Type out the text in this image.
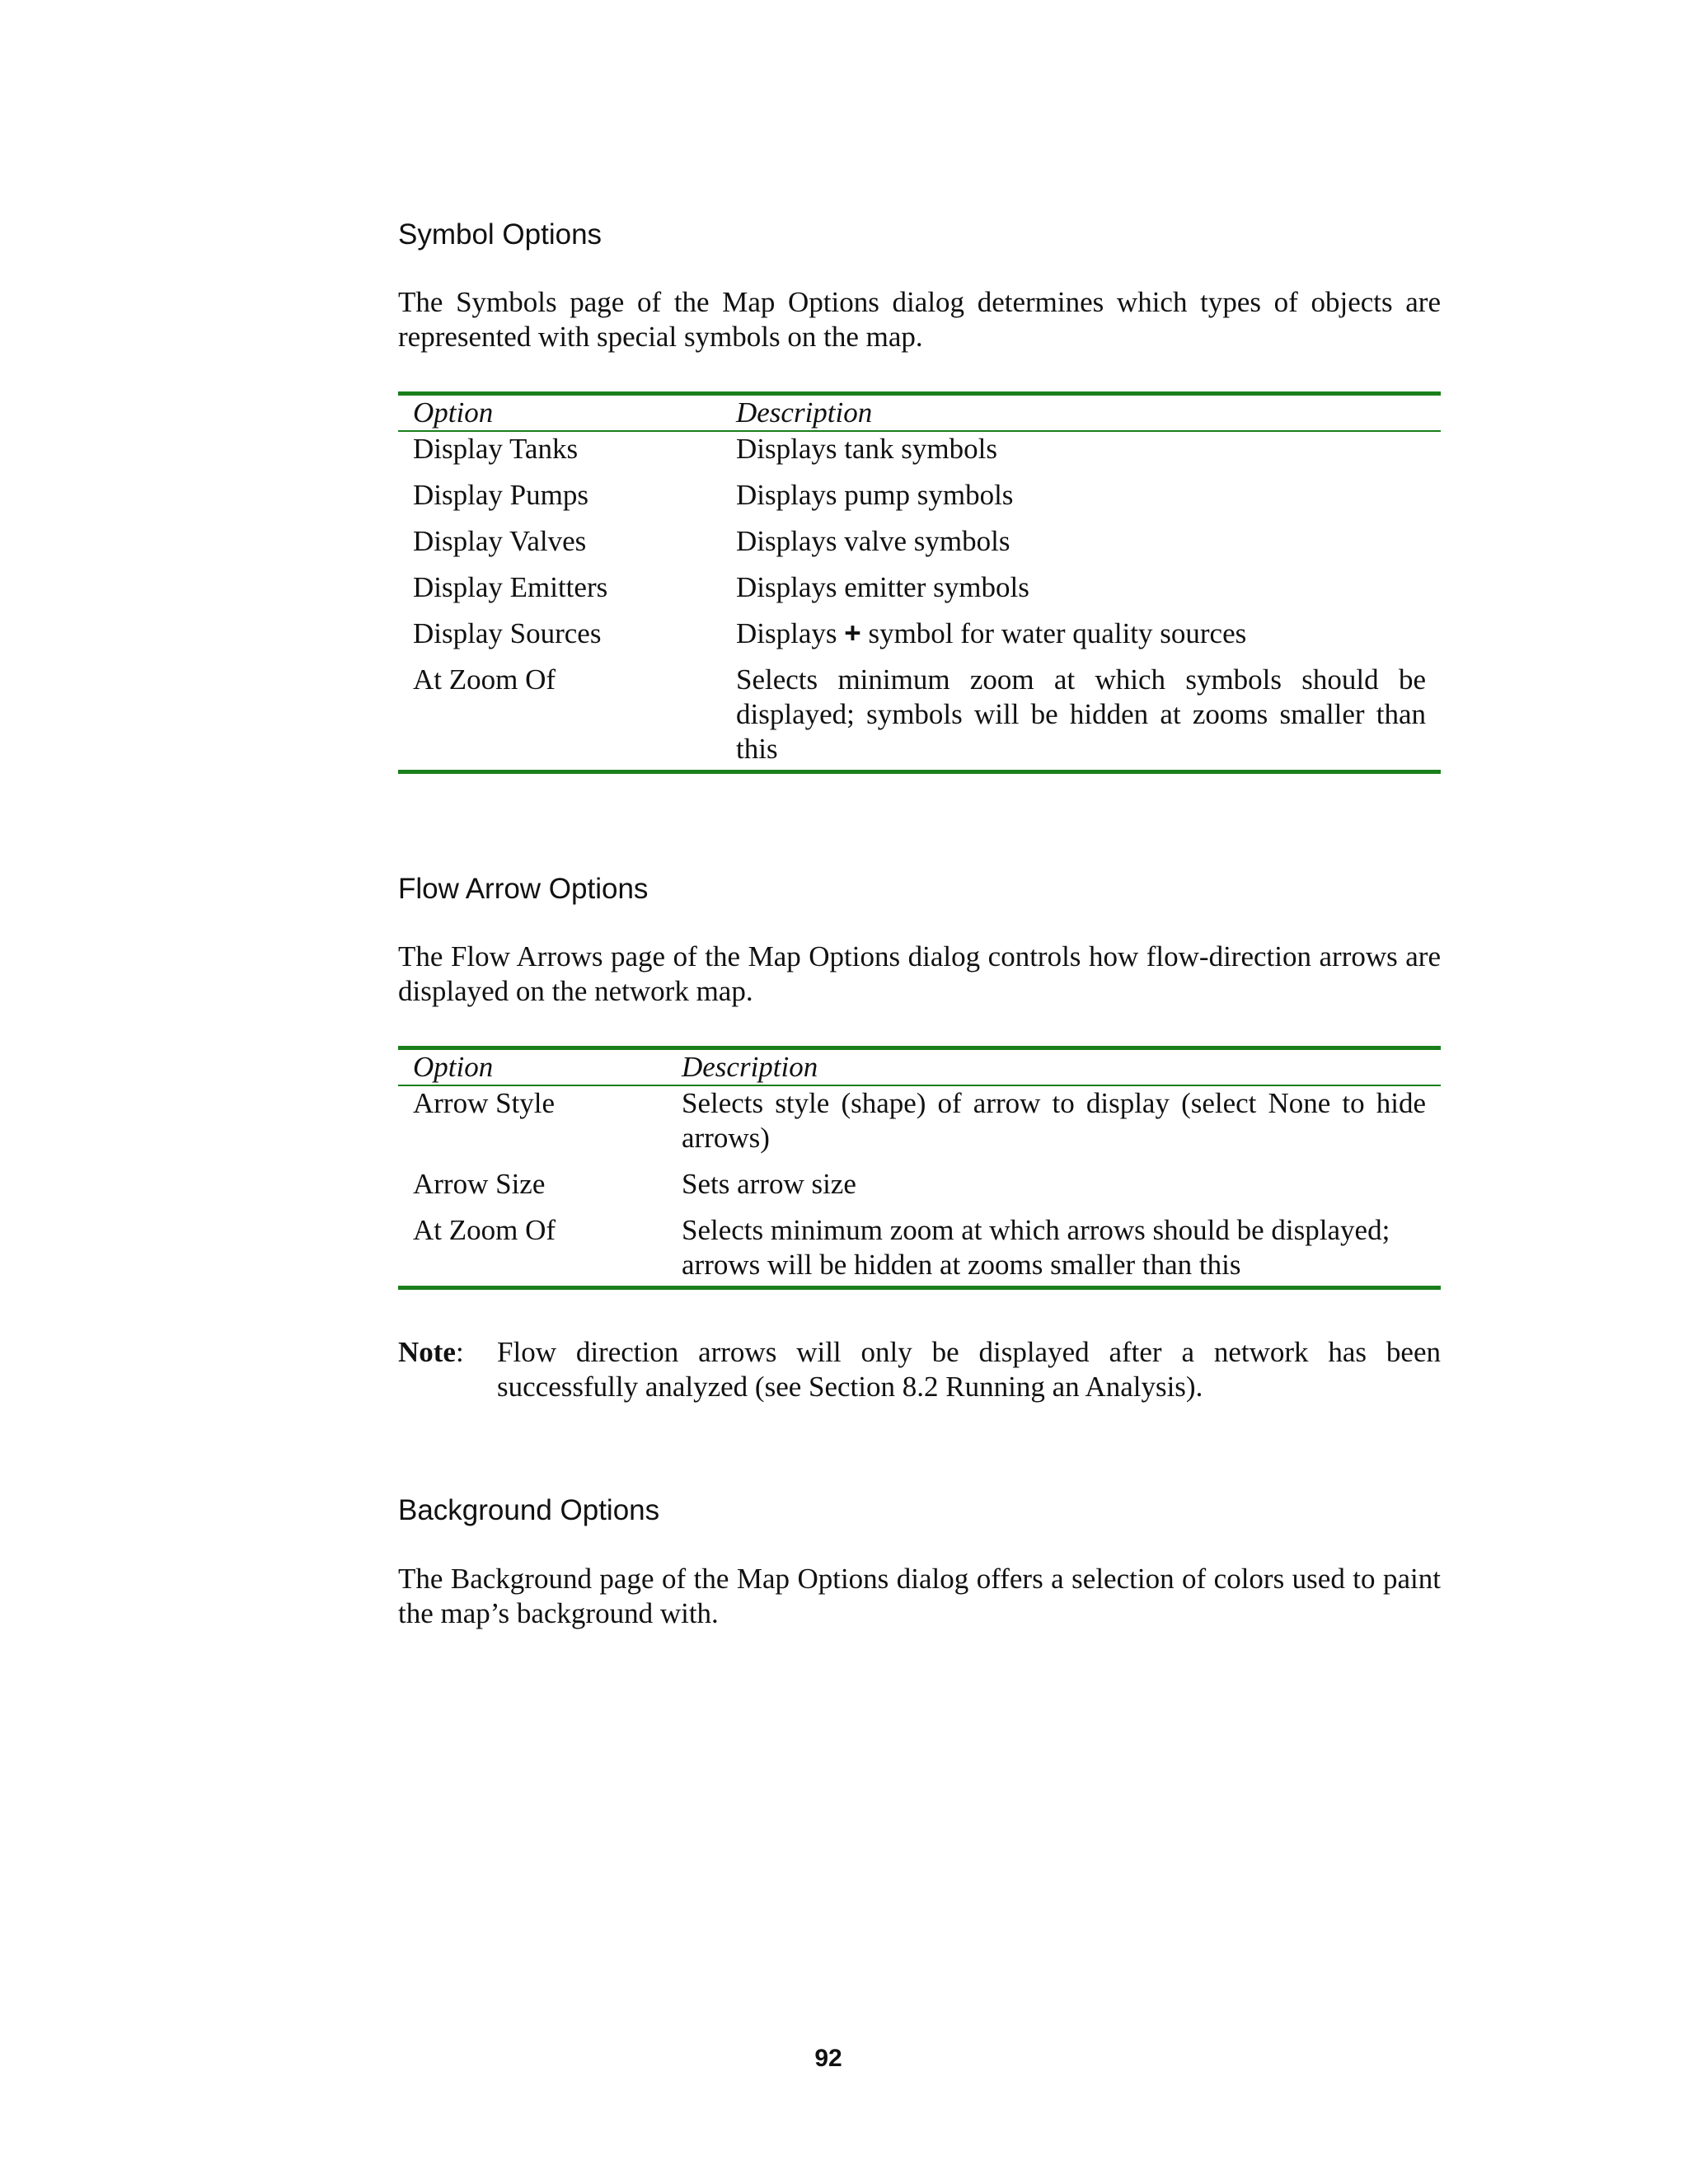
Symbol Options

The Symbols page of the Map Options dialog determines which types of objects are represented with special symbols on the map.

Option	Description
Display Tanks	Displays tank symbols
Display Pumps	Displays pump symbols
Display Valves	Displays valve symbols
Display Emitters	Displays emitter symbols
Display Sources	Displays + symbol for water quality sources
At Zoom Of	Selects minimum zoom at which symbols should be displayed; symbols will be hidden at zooms smaller than this
Flow Arrow Options

The Flow Arrows page of the Map Options dialog controls how flow-direction arrows are displayed on the network map.

Option	Description
Arrow Style	Selects style (shape) of arrow to display (select None to hide arrows)
Arrow Size	Sets arrow size
At Zoom Of	Selects minimum zoom at which arrows should be displayed; arrows will be hidden at zooms smaller than this
Note: Flow direction arrows will only be displayed after a network has been successfully analyzed (see Section 8.2 Running an Analysis).
Background Options

The Background page of the Map Options dialog offers a selection of colors used to paint the map’s background with.

92
